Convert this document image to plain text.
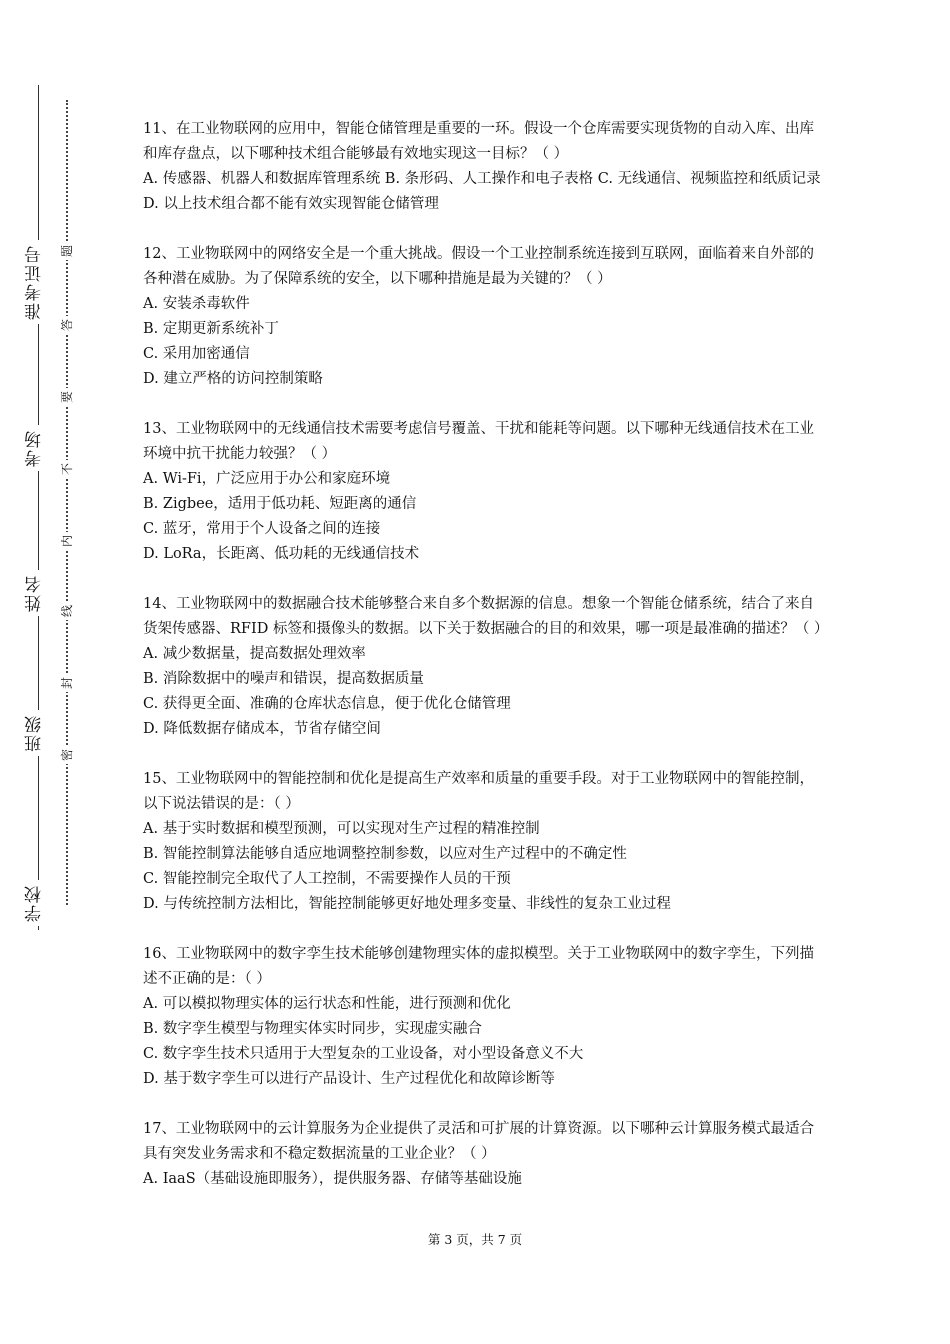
准考证号
考场
姓名
班级
学校
题
答
要
不
内
线
封
密

11、在工业物联网的应用中，智能仓储管理是重要的一环。假设一个仓库需要实现货物的自动入库、出库和库存盘点，以下哪种技术组合能够最有效地实现这一目标？（ ）

A. 传感器、机器人和数据库管理系统 B. 条形码、人工操作和电子表格 C. 无线通信、视频监控和纸质记录 D. 以上技术组合都不能有效实现智能仓储管理

12、工业物联网中的网络安全是一个重大挑战。假设一个工业控制系统连接到互联网，面临着来自外部的各种潜在威胁。为了保障系统的安全，以下哪种措施是最为关键的？（ ）

A. 安装杀毒软件

B. 定期更新系统补丁

C. 采用加密通信

D. 建立严格的访问控制策略

13、工业物联网中的无线通信技术需要考虑信号覆盖、干扰和能耗等问题。以下哪种无线通信技术在工业环境中抗干扰能力较强？（ ）

A. Wi-Fi，广泛应用于办公和家庭环境

B. Zigbee，适用于低功耗、短距离的通信

C. 蓝牙，常用于个人设备之间的连接

D. LoRa，长距离、低功耗的无线通信技术

14、工业物联网中的数据融合技术能够整合来自多个数据源的信息。想象一个智能仓储系统，结合了来自货架传感器、RFID 标签和摄像头的数据。以下关于数据融合的目的和效果，哪一项是最准确的描述？（ ）

A. 减少数据量，提高数据处理效率

B. 消除数据中的噪声和错误，提高数据质量

C. 获得更全面、准确的仓库状态信息，便于优化仓储管理

D. 降低数据存储成本，节省存储空间

15、工业物联网中的智能控制和优化是提高生产效率和质量的重要手段。对于工业物联网中的智能控制，以下说法错误的是：（ ）

A. 基于实时数据和模型预测，可以实现对生产过程的精准控制

B. 智能控制算法能够自适应地调整控制参数，以应对生产过程中的不确定性

C. 智能控制完全取代了人工控制，不需要操作人员的干预

D. 与传统控制方法相比，智能控制能够更好地处理多变量、非线性的复杂工业过程

16、工业物联网中的数字孪生技术能够创建物理实体的虚拟模型。关于工业物联网中的数字孪生，下列描述不正确的是：（ ）

A. 可以模拟物理实体的运行状态和性能，进行预测和优化

B. 数字孪生模型与物理实体实时同步，实现虚实融合

C. 数字孪生技术只适用于大型复杂的工业设备，对小型设备意义不大

D. 基于数字孪生可以进行产品设计、生产过程优化和故障诊断等

17、工业物联网中的云计算服务为企业提供了灵活和可扩展的计算资源。以下哪种云计算服务模式最适合具有突发业务需求和不稳定数据流量的工业企业？（ ）

A. IaaS（基础设施即服务），提供服务器、存储等基础设施

第 3 页，共 7 页
